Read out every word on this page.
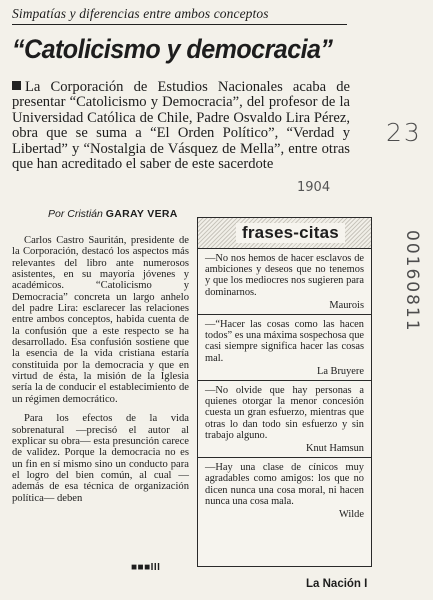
Simpatías y diferencias entre ambos conceptos
“Catolicismo y democracia”
La Corporación de Estudios Nacionales acaba de presentar “Catolicismo y Democracia”, del profesor de la Universidad Católica de Chile, Padre Osvaldo Lira Pérez, obra que se suma a “El Orden Político”, “Verdad y Libertad” y “Nostalgia de Vásquez de Mella”, entre otras que han acreditado el saber de este sacerdote
Por Cristián GARAY VERA

Carlos Castro Sauritán, presidente de la Corporación, destacó los aspectos más relevantes del libro ante numerosos asistentes, en su mayoría jóvenes y académicos. “Catolicismo y Democracia” concreta un largo anhelo del padre Lira: esclarecer las relaciones entre ambos conceptos, habida cuenta de la confusión que a este respecto se ha desarrollado. Esa confusión sostiene que la esencia de la vida cristiana estaría constituida por la democracia y que en virtud de ésta, la misión de la Iglesia sería la de conducir el establecimiento de un régimen democrático.

Para los efectos de la vida sobrenatural —precisó el autor al explicar su obra— esta presunción carece de validez. Porque la democracia no es un fin en sí mismo sino un conducto para el logro del bien común, al cual —además de esa técnica de organización política— deben

■■■III
frases-citas
—No nos hemos de hacer esclavos de ambiciones y deseos que no tenemos y que los mediocres nos sugieren para dominarnos.
Maurois
—“Hacer las cosas como las hacen todos” es una máxima sospechosa que casi siempre significa hacer las cosas mal.
La Bruyere
—No olvide que hay personas a quienes otorgar la menor concesión cuesta un gran esfuerzo, mientras que otras lo dan todo sin esfuerzo y sin trabajo alguno.
Knut Hamsun
—Hay una clase de cínicos muy agradables como amigos: los que no dicen nunca una cosa moral, ni hacen nunca una cosa mala.
Wilde
1904
23
00160811
La Nación I
